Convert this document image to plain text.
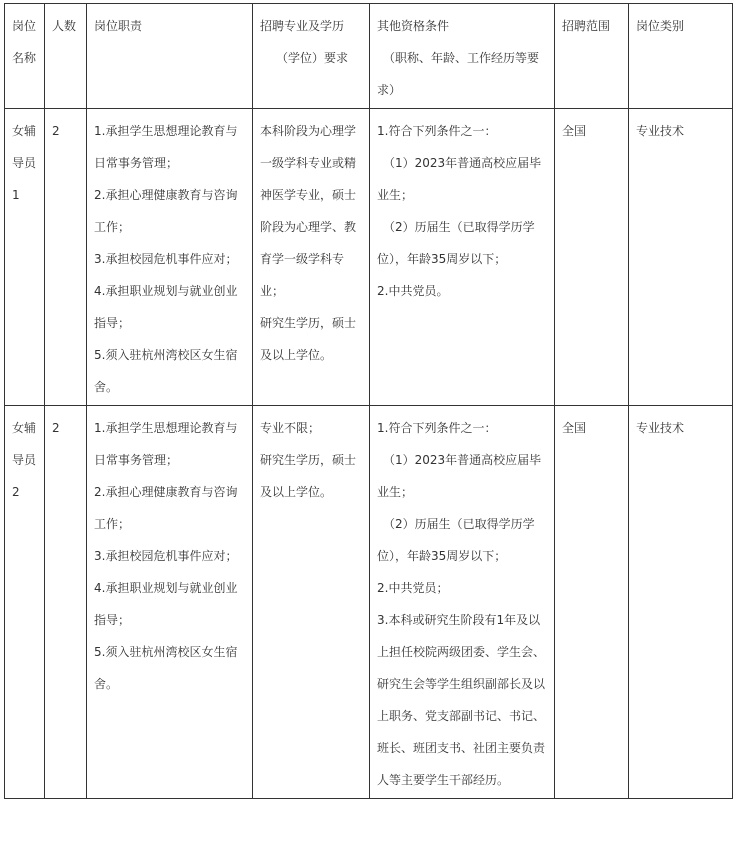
岗位名称	人数	岗位职责	招聘专业及学历
（学位）要求	其他资格条件
（职称、年龄、工作经历等要
求）	招聘范围	岗位类别
女辅导员1	2	1.承担学生思想理论教育与日常事务管理；
2.承担心理健康教育与咨询工作；
3.承担校园危机事件应对；
4.承担职业规划与就业创业指导；
5.须入驻杭州湾校区女生宿舍。	本科阶段为心理学一级学科专业或精神医学专业，硕士阶段为心理学、教育学一级学科专业；
研究生学历，硕士及以上学位。	1.符合下列条件之一：
（1）2023年普通高校应届毕业生；
（2）历届生（已取得学历学位），年龄35周岁以下；
2.中共党员。	全国	专业技术
女辅导员2	2	1.承担学生思想理论教育与日常事务管理；
2.承担心理健康教育与咨询工作；
3.承担校园危机事件应对；
4.承担职业规划与就业创业指导；
5.须入驻杭州湾校区女生宿舍。	专业不限；
研究生学历，硕士及以上学位。	1.符合下列条件之一：
（1）2023年普通高校应届毕业生；
（2）历届生（已取得学历学位），年龄35周岁以下；
2.中共党员；
3.本科或研究生阶段有1年及以上担任校院两级团委、学生会、研究生会等学生组织副部长及以上职务、党支部副书记、书记、班长、班团支书、社团主要负责人等主要学生干部经历。	全国	专业技术
